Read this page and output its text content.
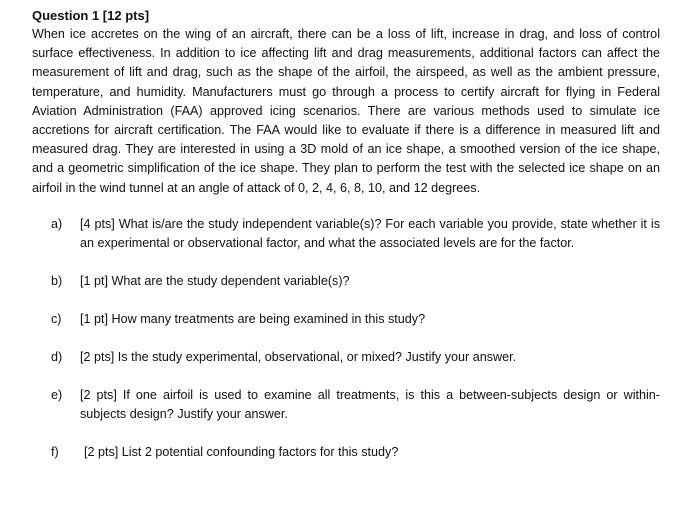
Question 1 [12 pts]

When ice accretes on the wing of an aircraft, there can be a loss of lift, increase in drag, and loss of control surface effectiveness. In addition to ice affecting lift and drag measurements, additional factors can affect the measurement of lift and drag, such as the shape of the airfoil, the airspeed, as well as the ambient pressure, temperature, and humidity. Manufacturers must go through a process to certify aircraft for flying in Federal Aviation Administration (FAA) approved icing scenarios. There are various methods used to simulate ice accretions for aircraft certification. The FAA would like to evaluate if there is a difference in measured lift and measured drag. They are interested in using a 3D mold of an ice shape, a smoothed version of the ice shape, and a geometric simplification of the ice shape. They plan to perform the test with the selected ice shape on an airfoil in the wind tunnel at an angle of attack of 0, 2, 4, 6, 8, 10, and 12 degrees.

a)	[4 pts] What is/are the study independent variable(s)? For each variable you provide, state whether it is an experimental or observational factor, and what the associated levels are for the factor.
b)	[1 pt] What are the study dependent variable(s)?
c)	[1 pt] How many treatments are being examined in this study?
d)	[2 pts] Is the study experimental, observational, or mixed? Justify your answer.
e)	[2 pts] If one airfoil is used to examine all treatments, is this a between-subjects design or within-subjects design? Justify your answer.
f)	[2 pts] List 2 potential confounding factors for this study?
